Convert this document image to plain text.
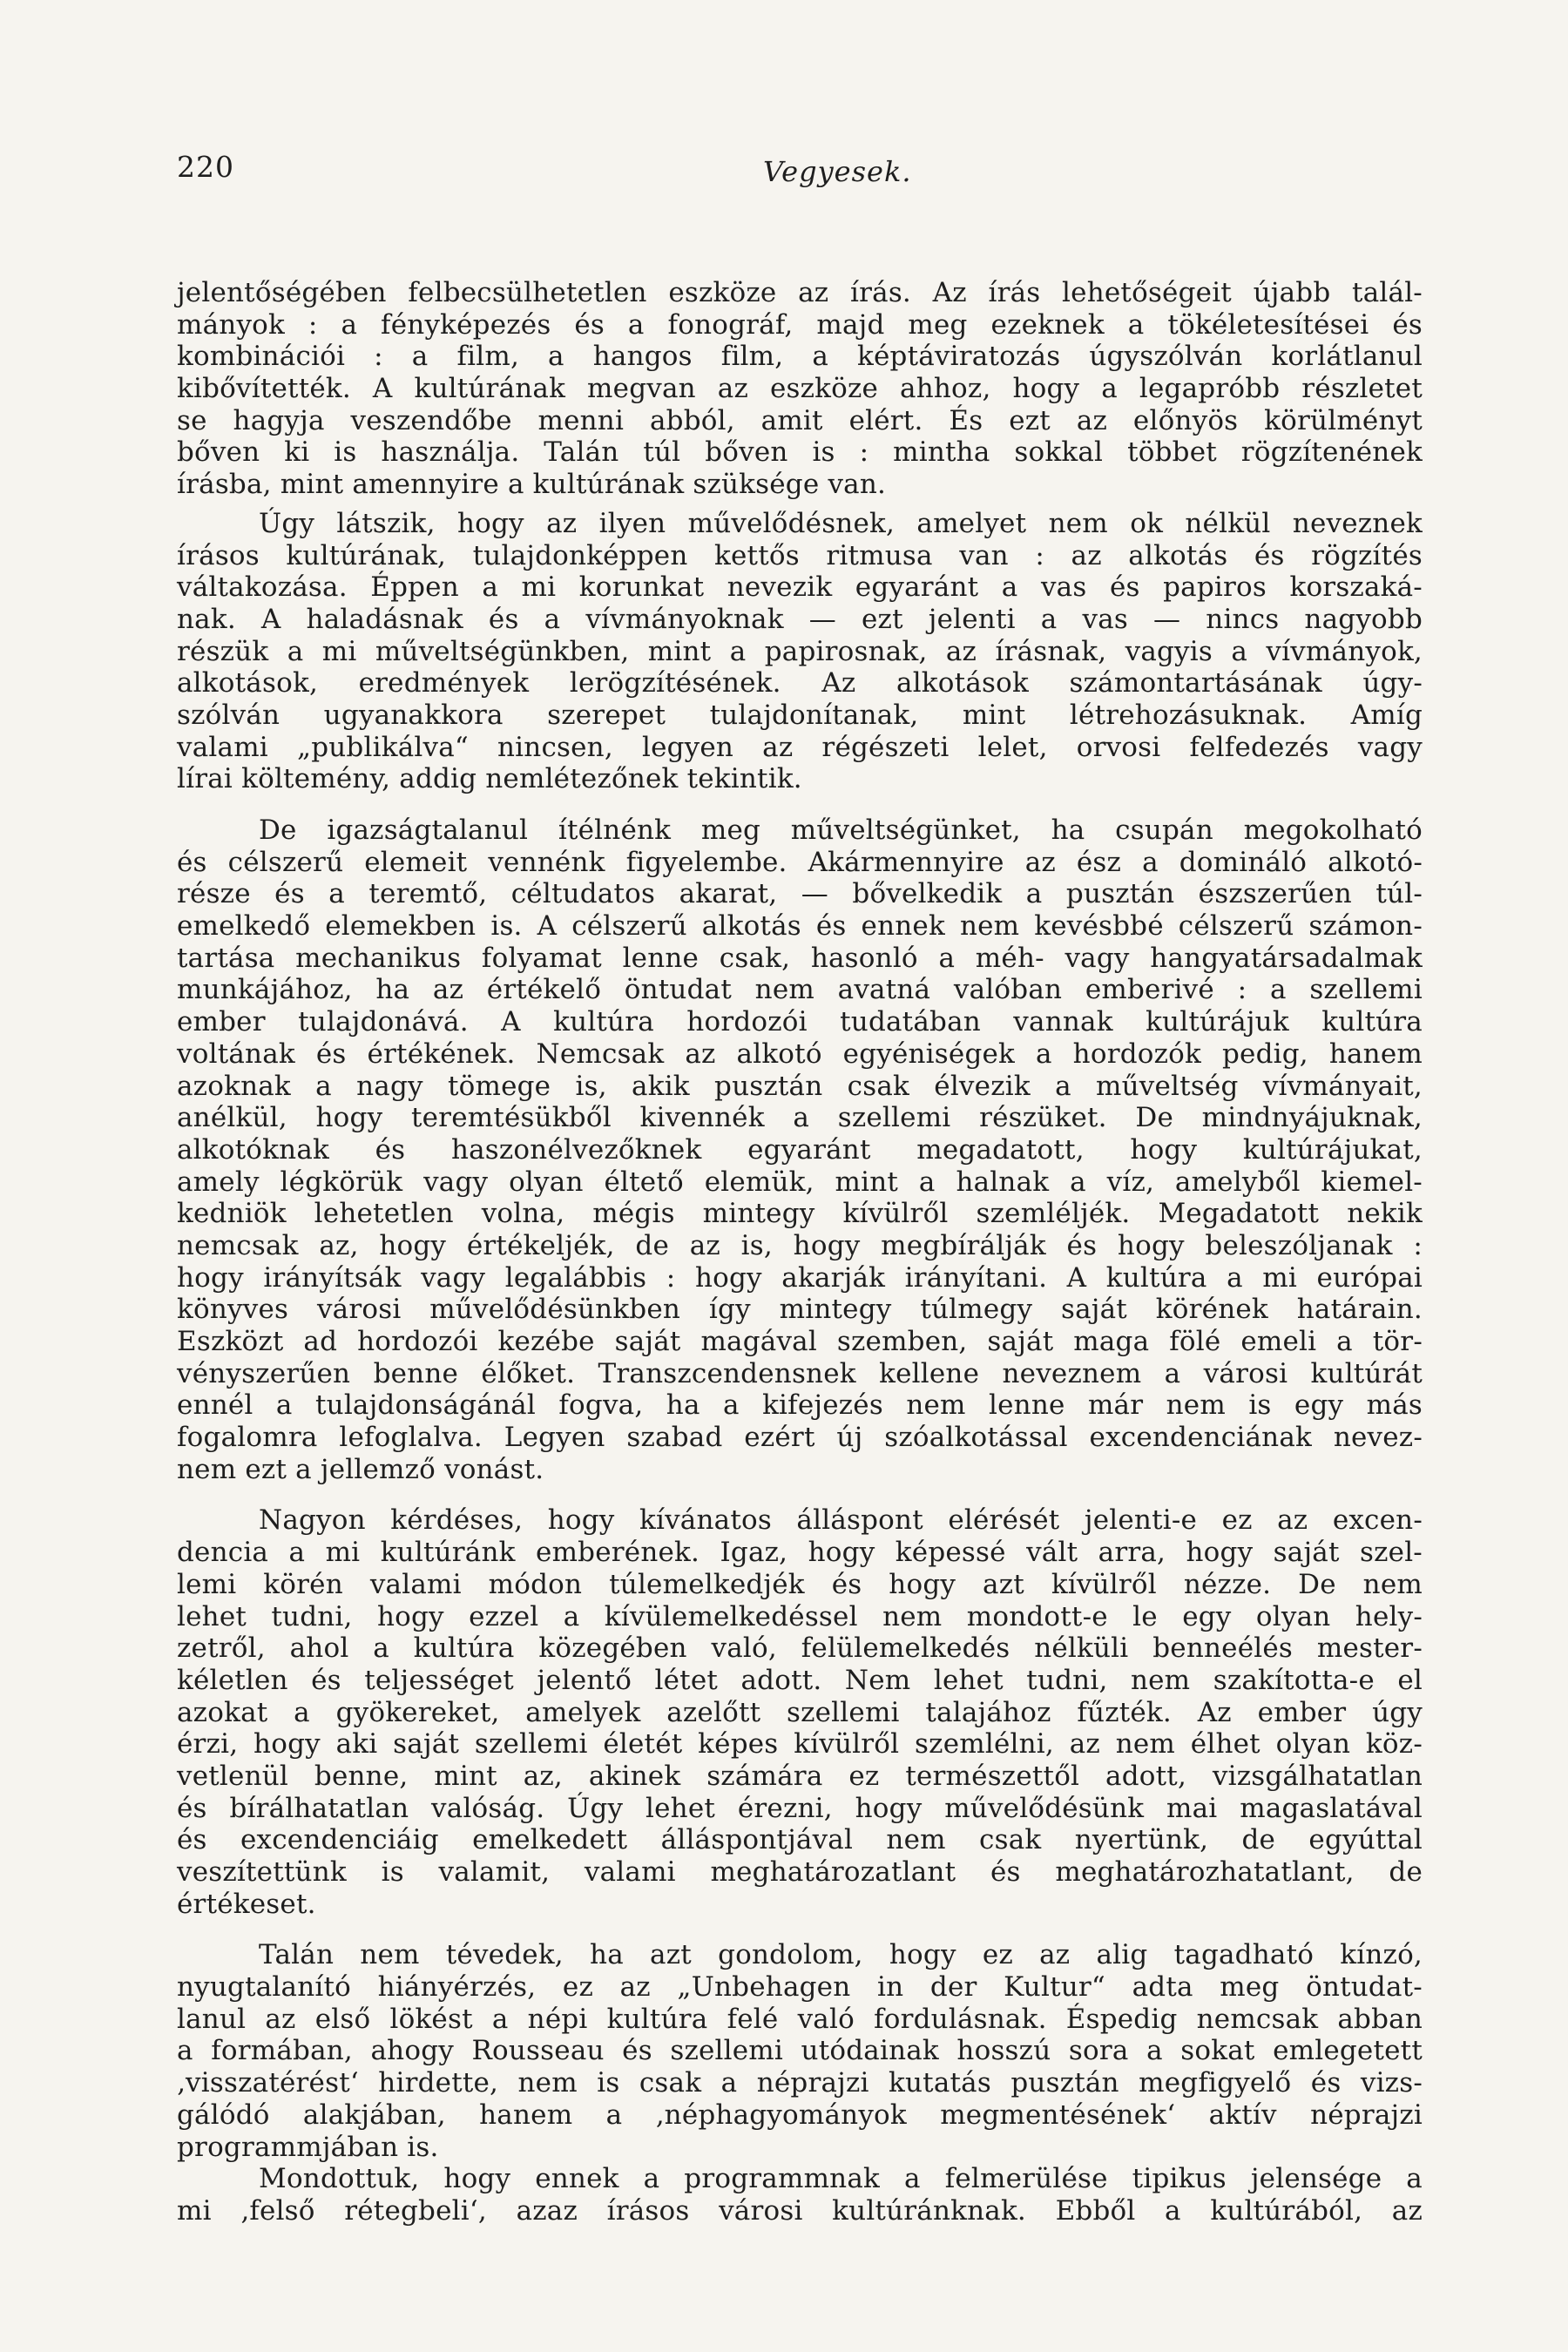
220	Vegyesek.
jelentőségében felbecsülhetetlen eszköze az írás. Az írás lehetőségeit újabb talál-
mányok : a fényképezés és a fonográf, majd meg ezeknek a tökéletesítései és
kombinációi : a film, a hangos film, a képtáviratozás úgyszólván korlátlanul
kibővítették. A kultúrának megvan az eszköze ahhoz, hogy a legapróbb részletet
se hagyja veszendőbe menni abból, amit elért. És ezt az előnyös körülményt
bőven ki is használja. Talán túl bőven is : mintha sokkal többet rögzítenének
írásba, mint amennyire a kultúrának szüksége van.
Úgy látszik, hogy az ilyen művelődésnek, amelyet nem ok nélkül neveznek
írásos kultúrának, tulajdonképpen kettős ritmusa van : az alkotás és rögzítés
váltakozása. Éppen a mi korunkat nevezik egyaránt a vas és papiros korszaká-
nak. A haladásnak és a vívmányoknak — ezt jelenti a vas — nincs nagyobb
részük a mi műveltségünkben, mint a papirosnak, az írásnak, vagyis a vívmányok,
alkotások, eredmények lerögzítésének. Az alkotások számontartásának úgy-
szólván ugyanakkora szerepet tulajdonítanak, mint létrehozásuknak. Amíg
valami „publikálva“ nincsen, legyen az régészeti lelet, orvosi felfedezés vagy
lírai költemény, addig nemlétezőnek tekintik.
De igazságtalanul ítélnénk meg műveltségünket, ha csupán megokolható
és célszerű elemeit vennénk figyelembe. Akármennyire az ész a domináló alkotó-
része és a teremtő, céltudatos akarat, — bővelkedik a pusztán észszerűen túl-
emelkedő elemekben is. A célszerű alkotás és ennek nem kevésbbé célszerű számon-
tartása mechanikus folyamat lenne csak, hasonló a méh- vagy hangyatársadalmak
munkájához, ha az értékelő öntudat nem avatná valóban emberivé : a szellemi
ember tulajdonává. A kultúra hordozói tudatában vannak kultúrájuk kultúra
voltának és értékének. Nemcsak az alkotó egyéniségek a hordozók pedig, hanem
azoknak a nagy tömege is, akik pusztán csak élvezik a műveltség vívmányait,
anélkül, hogy teremtésükből kivennék a szellemi részüket. De mindnyájuknak,
alkotóknak és haszonélvezőknek egyaránt megadatott, hogy kultúrájukat,
amely légkörük vagy olyan éltető elemük, mint a halnak a víz, amelyből kiemel-
kedniök lehetetlen volna, mégis mintegy kívülről szemléljék. Megadatott nekik
nemcsak az, hogy értékeljék, de az is, hogy megbírálják és hogy beleszóljanak :
hogy irányítsák vagy legalábbis : hogy akarják irányítani. A kultúra a mi európai
könyves városi művelődésünkben így mintegy túlmegy saját körének határain.
Eszközt ad hordozói kezébe saját magával szemben, saját maga fölé emeli a tör-
vényszerűen benne élőket. Transzcendensnek kellene neveznem a városi kultúrát
ennél a tulajdonságánál fogva, ha a kifejezés nem lenne már nem is egy más
fogalomra lefoglalva. Legyen szabad ezért új szóalkotással excendenciának nevez-
nem ezt a jellemző vonást.
Nagyon kérdéses, hogy kívánatos álláspont elérését jelenti-e ez az excen-
dencia a mi kultúránk emberének. Igaz, hogy képessé vált arra, hogy saját szel-
lemi körén valami módon túlemelkedjék és hogy azt kívülről nézze. De nem
lehet tudni, hogy ezzel a kívülemelkedéssel nem mondott-e le egy olyan hely-
zetről, ahol a kultúra közegében való, felülemelkedés nélküli benneélés mester-
kéletlen és teljességet jelentő létet adott. Nem lehet tudni, nem szakította-e el
azokat a gyökereket, amelyek azelőtt szellemi talajához fűzték. Az ember úgy
érzi, hogy aki saját szellemi életét képes kívülről szemlélni, az nem élhet olyan köz-
vetlenül benne, mint az, akinek számára ez természettől adott, vizsgálhatatlan
és bírálhatatlan valóság. Úgy lehet érezni, hogy művelődésünk mai magaslatával
és excendenciáig emelkedett álláspontjával nem csak nyertünk, de egyúttal
veszítettünk is valamit, valami meghatározatlant és meghatározhatatlant, de
értékeset.
Talán nem tévedek, ha azt gondolom, hogy ez az alig tagadható kínzó,
nyugtalanító hiányérzés, ez az „Unbehagen in der Kultur“ adta meg öntudat-
lanul az első lökést a népi kultúra felé való fordulásnak. Éspedig nemcsak abban
a formában, ahogy Rousseau és szellemi utódainak hosszú sora a sokat emlegetett
‚visszatérést‘ hirdette, nem is csak a néprajzi kutatás pusztán megfigyelő és vizs-
gálódó alakjában, hanem a ‚néphagyományok megmentésének‘ aktív néprajzi
programmjában is.
Mondottuk, hogy ennek a programmnak a felmerülése tipikus jelensége a
mi ‚felső rétegbeli‘, azaz írásos városi kultúránknak. Ebből a kultúrából, az
